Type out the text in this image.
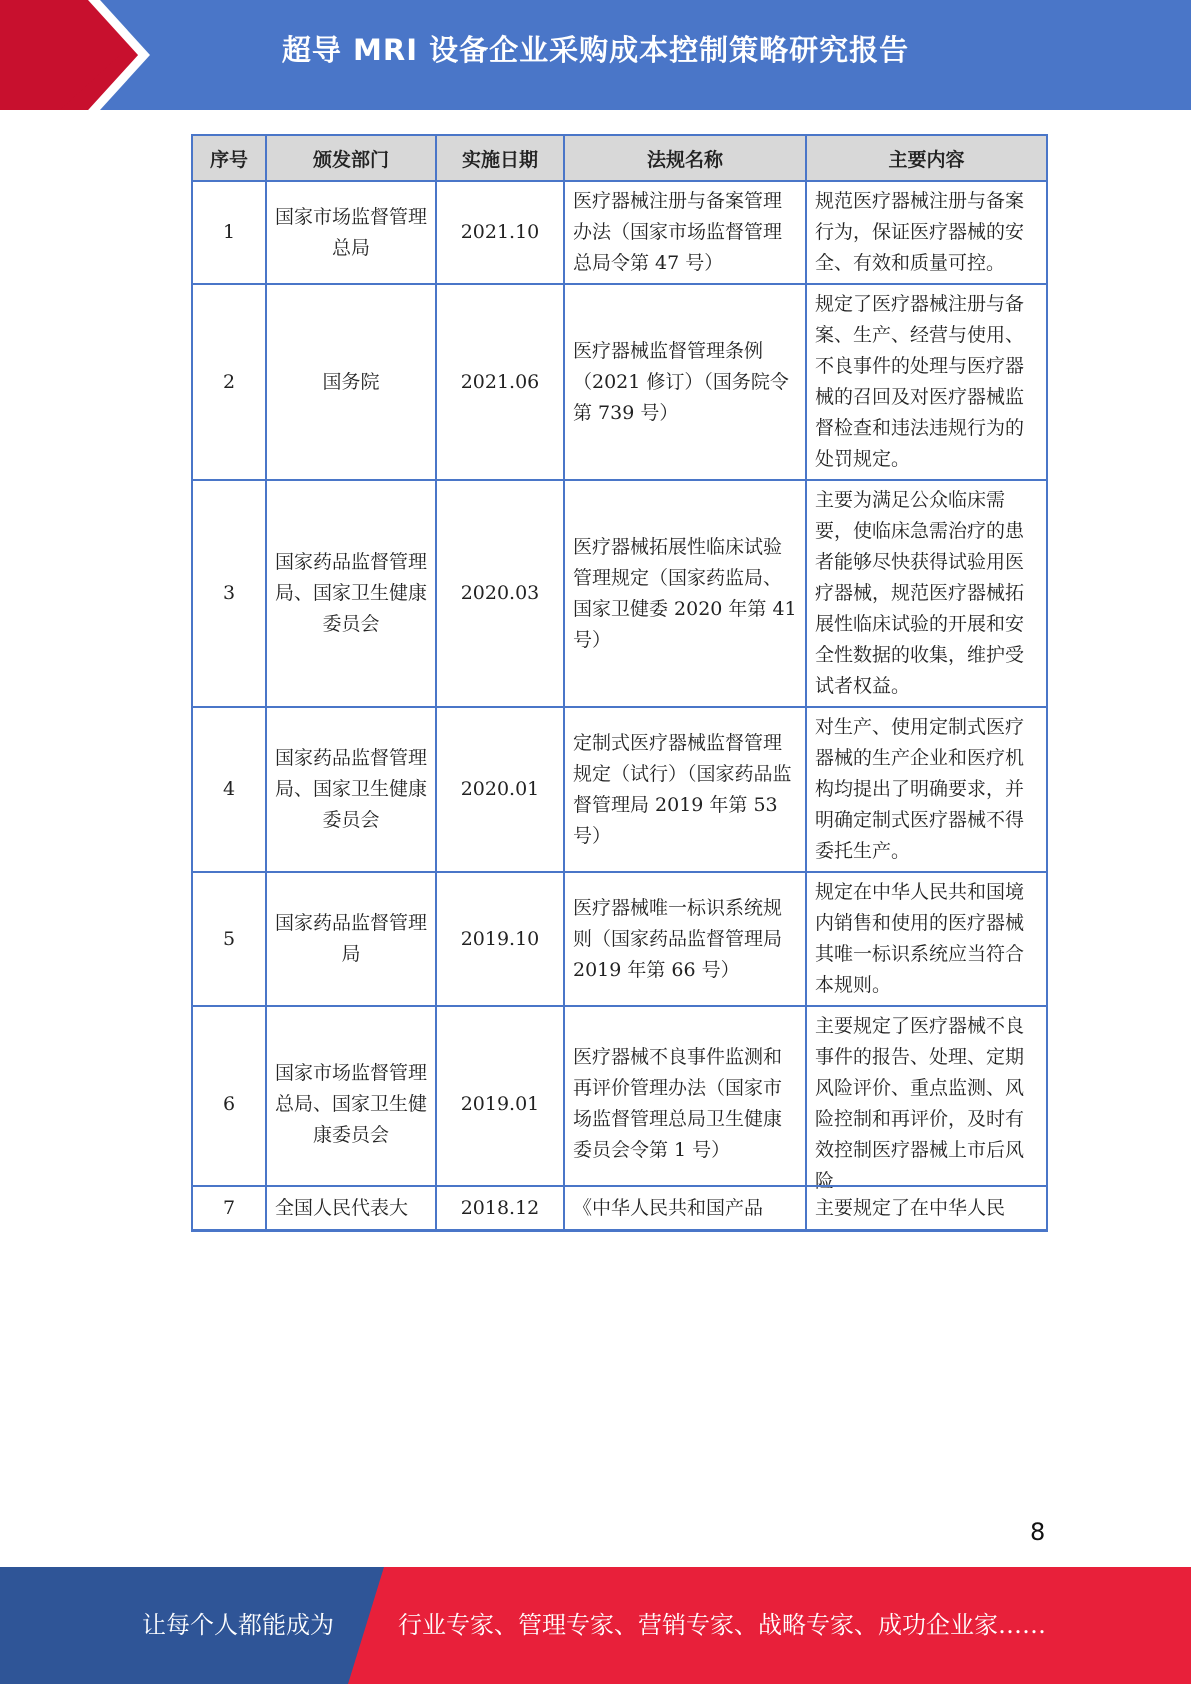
超导 MRI 设备企业采购成本控制策略研究报告
序号	颁发部门	实施日期	法规名称	主要内容
1	国家市场监督管理总局	2021.10	医疗器械注册与备案管理办法（国家市场监督管理总局令第 47 号）	规范医疗器械注册与备案行为，保证医疗器械的安全、有效和质量可控。
2	国务院	2021.06	医疗器械监督管理条例（2021 修订）（国务院令第 739 号）	规定了医疗器械注册与备案、生产、经营与使用、不良事件的处理与医疗器械的召回及对医疗器械监督检查和违法违规行为的处罚规定。
3	国家药品监督管理局、国家卫生健康委员会	2020.03	医疗器械拓展性临床试验管理规定（国家药监局、国家卫健委 2020 年第 41 号）	主要为满足公众临床需要，使临床急需治疗的患者能够尽快获得试验用医疗器械，规范医疗器械拓展性临床试验的开展和安全性数据的收集，维护受试者权益。
4	国家药品监督管理局、国家卫生健康委员会	2020.01	定制式医疗器械监督管理规定（试行）（国家药品监督管理局 2019 年第 53 号）	对生产、使用定制式医疗器械的生产企业和医疗机构均提出了明确要求，并明确定制式医疗器械不得委托生产。
5	国家药品监督管理局	2019.10	医疗器械唯一标识系统规则（国家药品监督管理局 2019 年第 66 号）	规定在中华人民共和国境内销售和使用的医疗器械其唯一标识系统应当符合本规则。
6	国家市场监督管理总局、国家卫生健康委员会	2019.01	医疗器械不良事件监测和再评价管理办法（国家市场监督管理总局卫生健康委员会令第 1 号）	主要规定了医疗器械不良事件的报告、处理、定期风险评价、重点监测、风险控制和再评价，及时有效控制医疗器械上市后风险
7	全国人民代表大	2018.12	《中华人民共和国产品	主要规定了在中华人民
8
让每个人都能成为	行业专家、管理专家、营销专家、战略专家、成功企业家……
